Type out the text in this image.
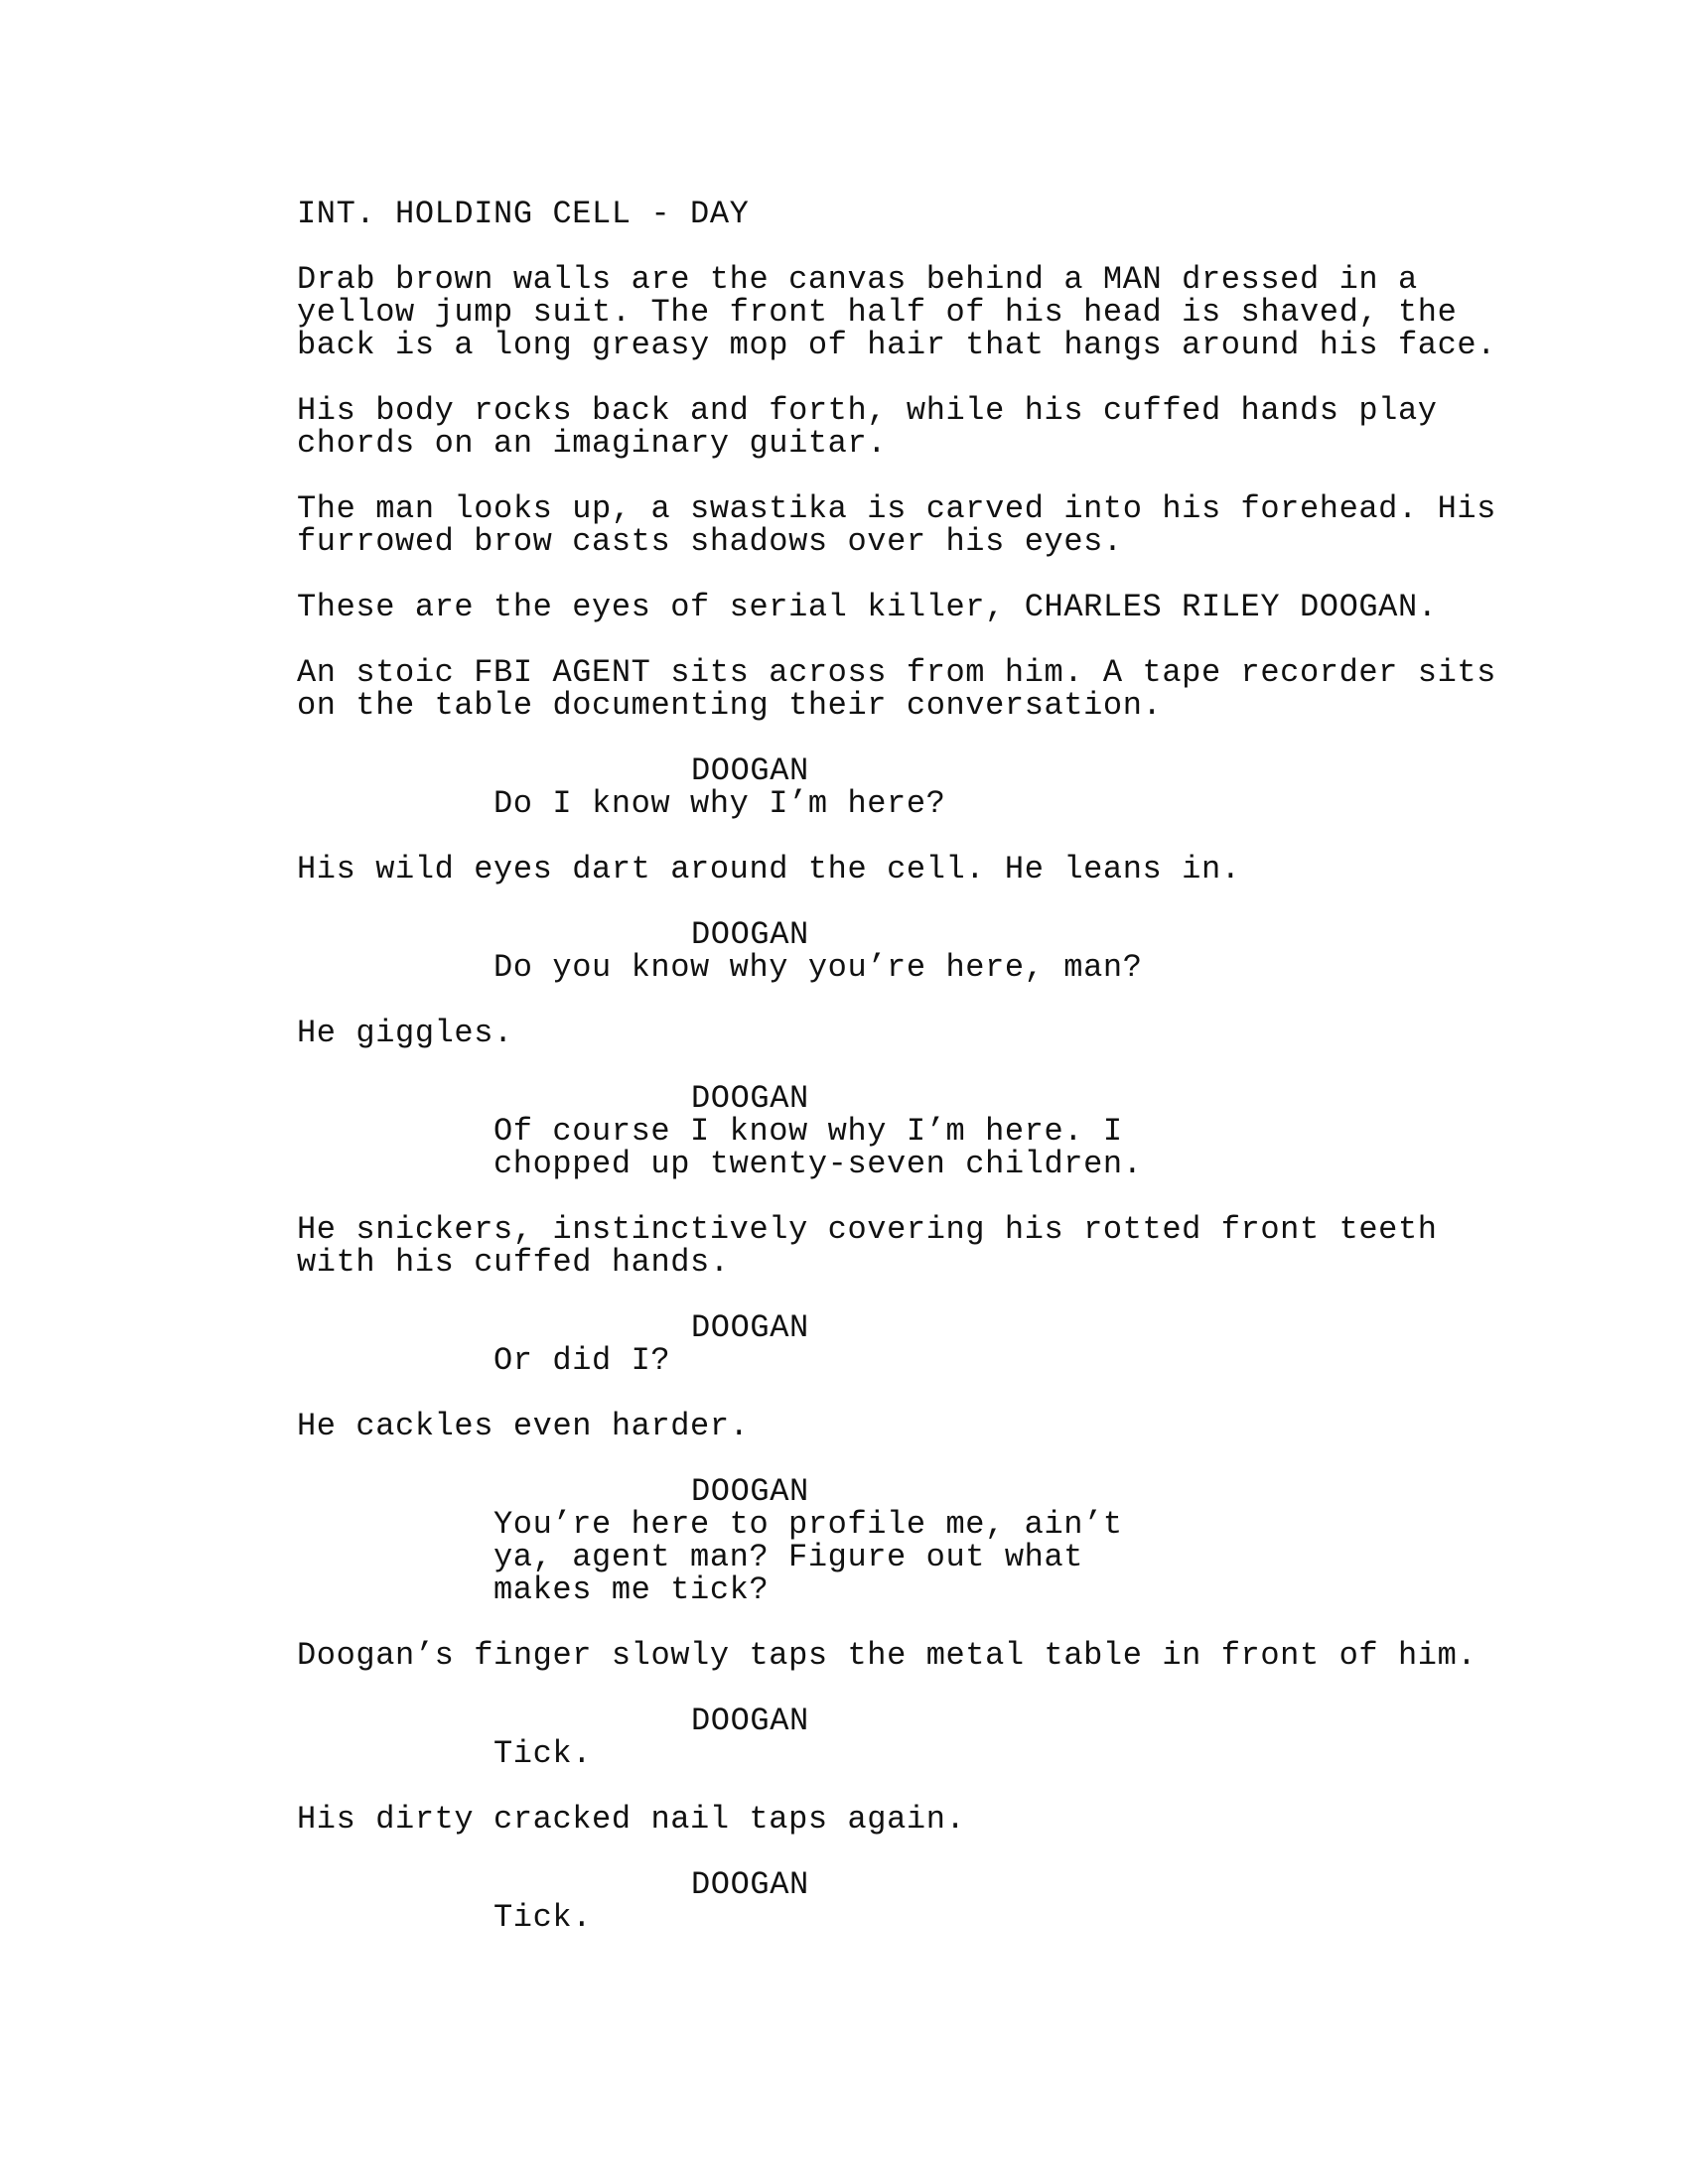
INT. HOLDING CELL - DAY
Drab brown walls are the canvas behind a MAN dressed in a
yellow jump suit. The front half of his head is shaved, the
back is a long greasy mop of hair that hangs around his face.
His body rocks back and forth, while his cuffed hands play
chords on an imaginary guitar.
The man looks up, a swastika is carved into his forehead. His
furrowed brow casts shadows over his eyes.
These are the eyes of serial killer, CHARLES RILEY DOOGAN.
An stoic FBI AGENT sits across from him. A tape recorder sits
on the table documenting their conversation.
DOOGAN
Do I know why I’m here?
His wild eyes dart around the cell. He leans in.
DOOGAN
Do you know why you’re here, man?
He giggles.
DOOGAN
Of course I know why I’m here. I
chopped up twenty-seven children.
He snickers, instinctively covering his rotted front teeth
with his cuffed hands.
DOOGAN
Or did I?
He cackles even harder.
DOOGAN
You’re here to profile me, ain’t
ya, agent man? Figure out what
makes me tick?
Doogan’s finger slowly taps the metal table in front of him.
DOOGAN
Tick.
His dirty cracked nail taps again.
DOOGAN
Tick.
